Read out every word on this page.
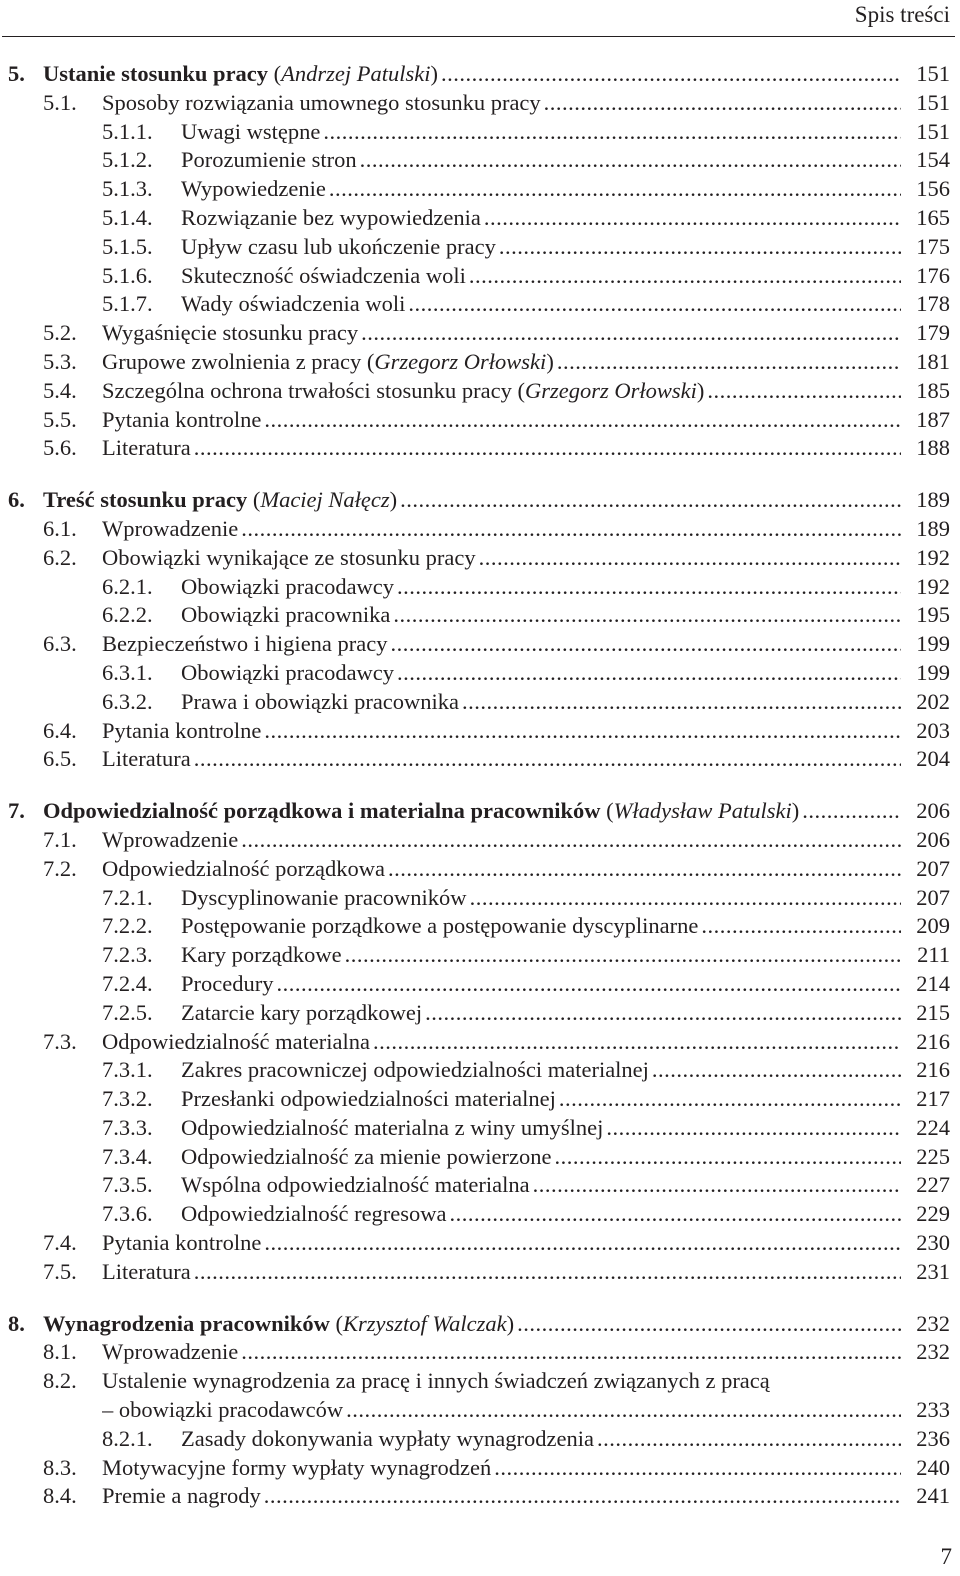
Spis treści
5. Ustanie stosunku pracy (Andrzej Patulski) .....	151
5.1. Sposoby rozwiązania umownego stosunku pracy .....	151
5.1.1. Uwagi wstępne .....	151
5.1.2. Porozumienie stron .....	154
5.1.3. Wypowiedzenie .....	156
5.1.4. Rozwiązanie bez wypowiedzenia .....	165
5.1.5. Upływ czasu lub ukończenie pracy .....	175
5.1.6. Skuteczność oświadczenia woli .....	176
5.1.7. Wady oświadczenia woli .....	178
5.2. Wygaśnięcie stosunku pracy .....	179
5.3. Grupowe zwolnienia z pracy (Grzegorz Orłowski) .....	181
5.4. Szczególna ochrona trwałości stosunku pracy (Grzegorz Orłowski) .....	185
5.5. Pytania kontrolne .....	187
5.6. Literatura .....	188
6. Treść stosunku pracy (Maciej Nałęcz) .....	189
6.1. Wprowadzenie .....	189
6.2. Obowiązki wynikające ze stosunku pracy .....	192
6.2.1. Obowiązki pracodawcy .....	192
6.2.2. Obowiązki pracownika .....	195
6.3. Bezpieczeństwo i higiena pracy .....	199
6.3.1. Obowiązki pracodawcy .....	199
6.3.2. Prawa i obowiązki pracownika .....	202
6.4. Pytania kontrolne .....	203
6.5. Literatura .....	204
7. Odpowiedzialność porządkowa i materialna pracowników (Władysław Patulski) .....	206
7.1. Wprowadzenie .....	206
7.2. Odpowiedzialność porządkowa .....	207
7.2.1. Dyscyplinowanie pracowników .....	207
7.2.2. Postępowanie porządkowe a postępowanie dyscyplinarne .....	209
7.2.3. Kary porządkowe .....	211
7.2.4. Procedury .....	214
7.2.5. Zatarcie kary porządkowej .....	215
7.3. Odpowiedzialność materialna .....	216
7.3.1. Zakres pracowniczej odpowiedzialności materialnej .....	216
7.3.2. Przesłanki odpowiedzialności materialnej .....	217
7.3.3. Odpowiedzialność materialna z winy umyślnej .....	224
7.3.4. Odpowiedzialność za mienie powierzone .....	225
7.3.5. Wspólna odpowiedzialność materialna .....	227
7.3.6. Odpowiedzialność regresowa .....	229
7.4. Pytania kontrolne .....	230
7.5. Literatura .....	231
8. Wynagrodzenia pracowników (Krzysztof Walczak) .....	232
8.1. Wprowadzenie .....	232
8.2. Ustalenie wynagrodzenia za pracę i innych świadczeń związanych z pracą
– obowiązki pracodawców .....	233
8.2.1. Zasady dokonywania wypłaty wynagrodzenia .....	236
8.3. Motywacyjne formy wypłaty wynagrodzeń .....	240
8.4. Premie a nagrody .....	241
7
